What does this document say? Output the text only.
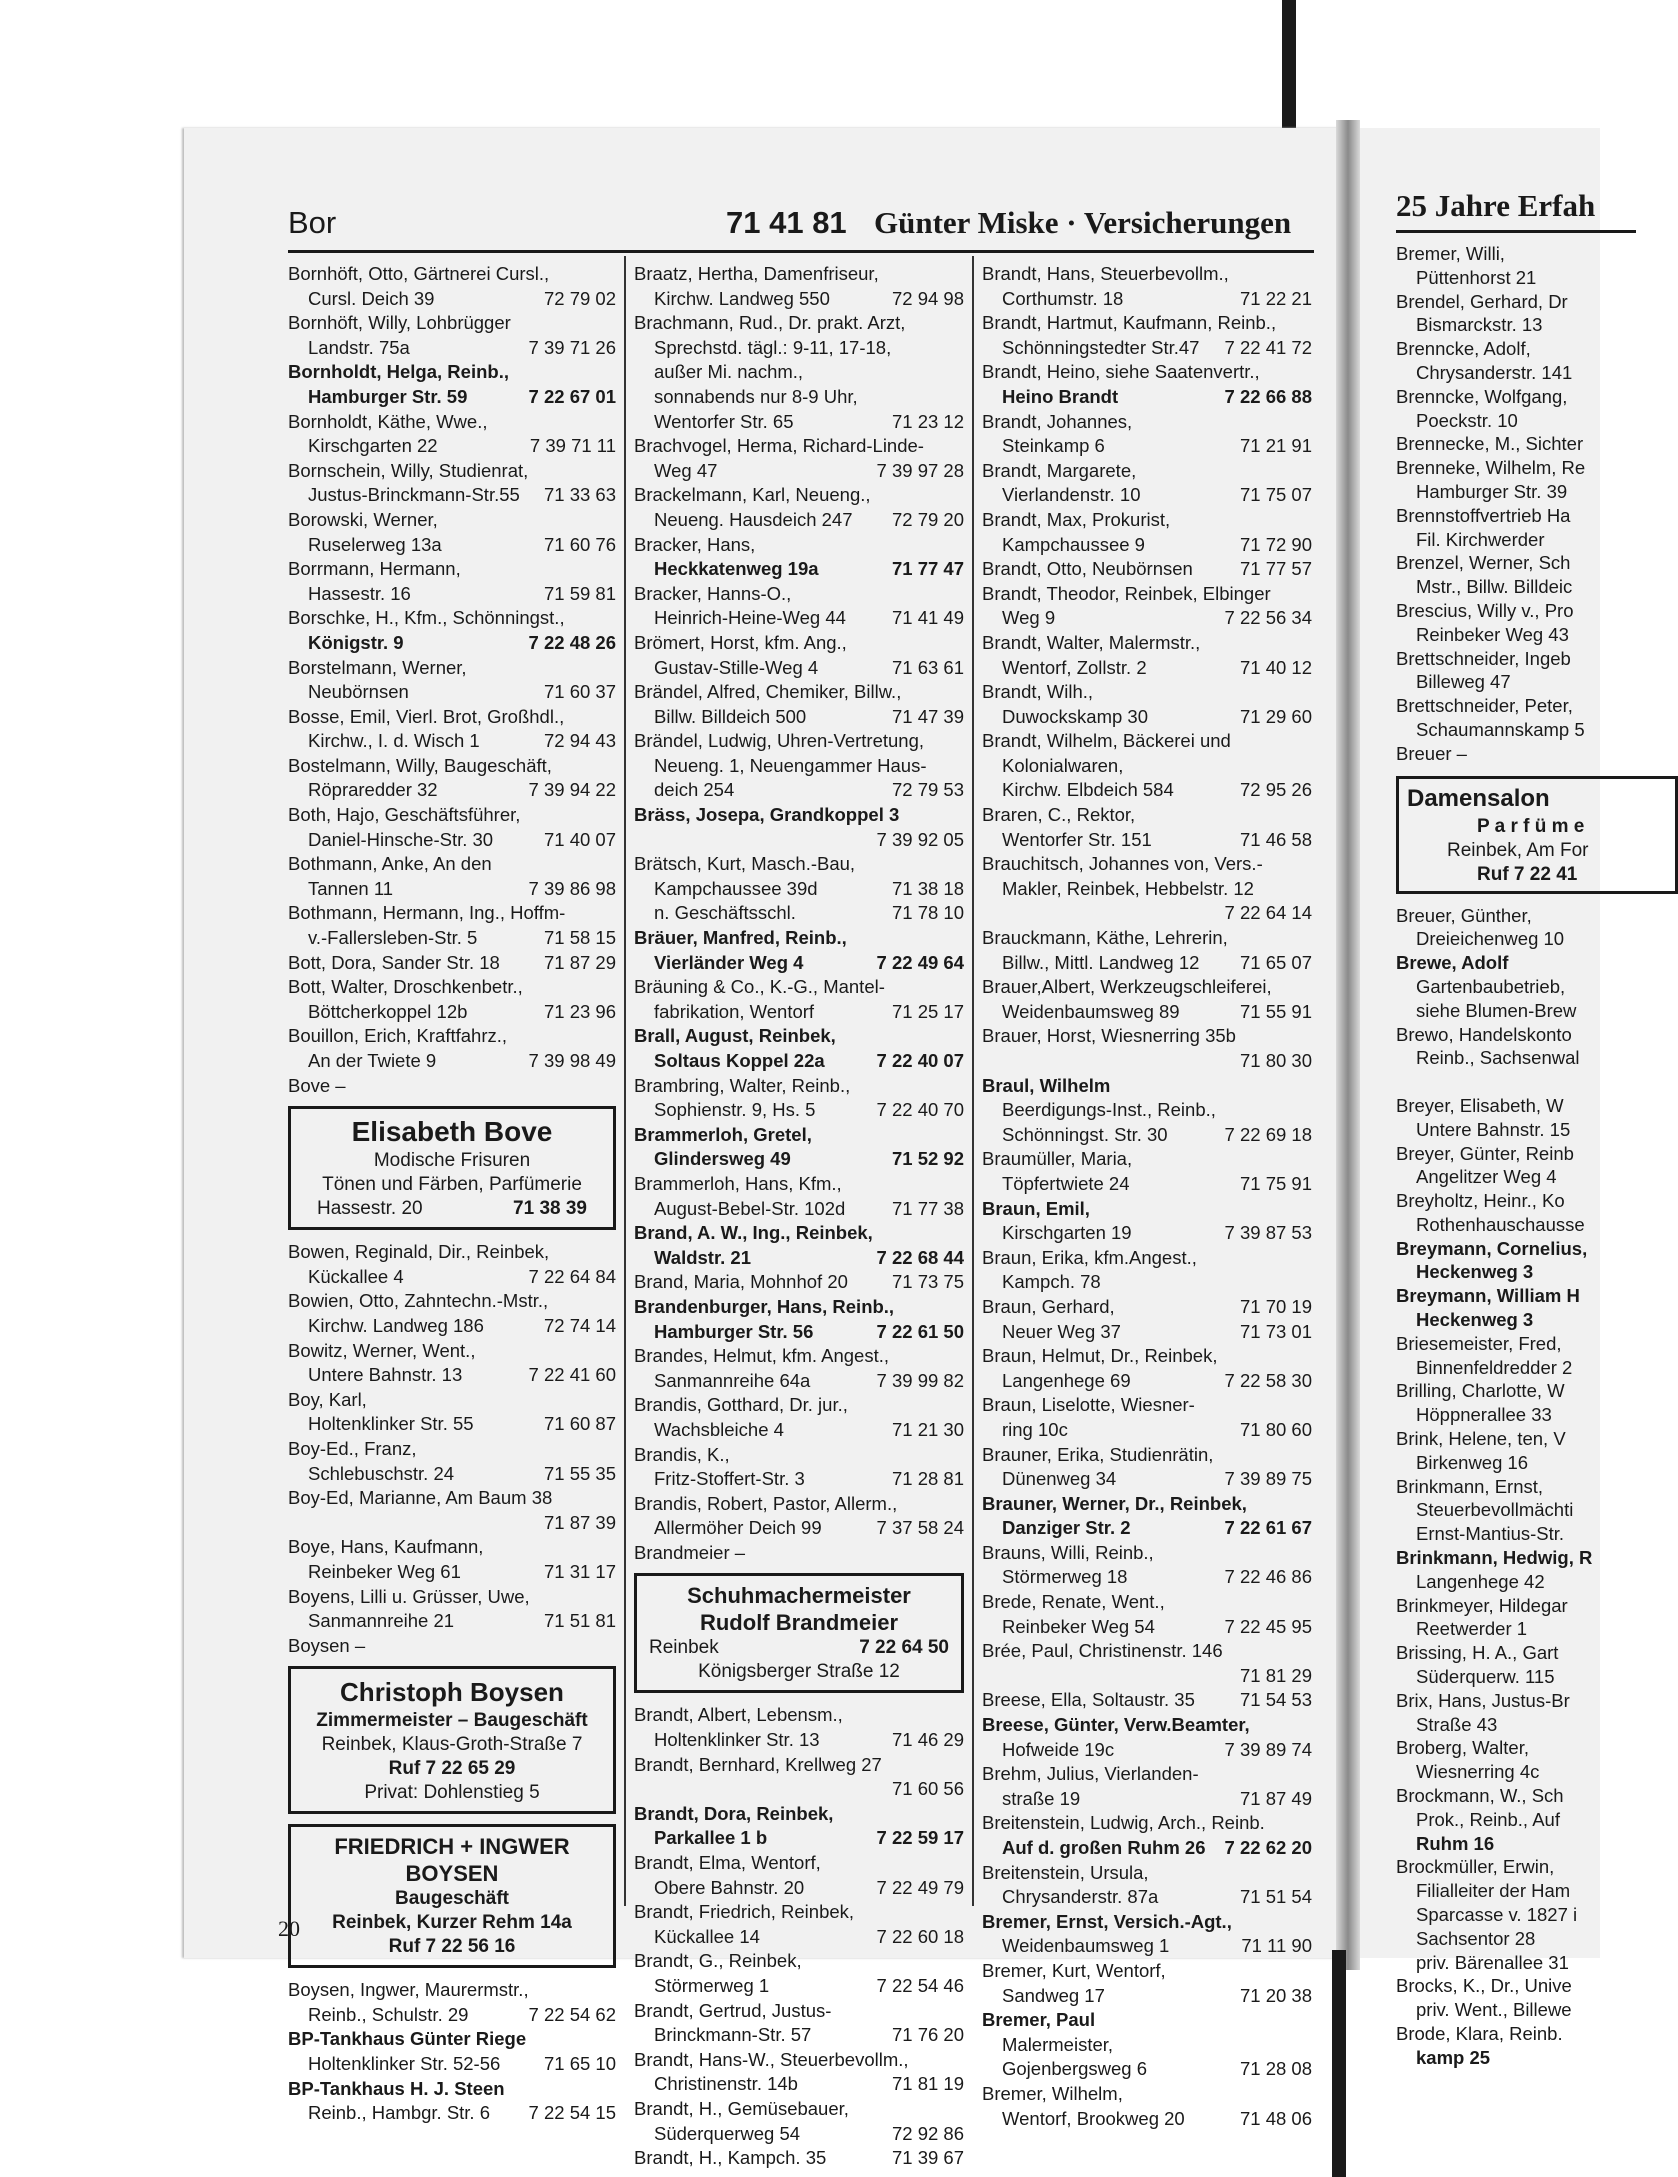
25 Jahre Erfah
Bremer, Willi,
Püttenhorst 21
Brendel, Gerhard, Dr
Bismarckstr. 13
Brenncke, Adolf,
Chrysanderstr. 141
Brenncke, Wolfgang,
Poeckstr. 10
Brennecke, M., Sichter
Brenneke, Wilhelm, Re
Hamburger Str. 39
Brennstoffvertrieb Ha
Fil. Kirchwerder
Brenzel, Werner, Sch
Mstr., Billw. Billdeic
Brescius, Willy v., Pro
Reinbeker Weg 43
Brettschneider, Ingeb
Billeweg 47
Brettschneider, Peter,
Schaumannskamp 5
Breuer –
Damensalon
P a r f ü m e
Reinbek, Am For
Ruf 7 22 41
Breuer, Günther,
Dreieichenweg 10
Brewe, Adolf
Gartenbaubetrieb,
siehe Blumen-Brew
Brewo, Handelskonto
Reinb., Sachsenwal
Breyer, Elisabeth, W
Untere Bahnstr. 15
Breyer, Günter, Reinb
Angelitzer Weg 4
Breyholtz, Heinr., Ko
Rothenhauschausse
Breymann, Cornelius,
Heckenweg 3
Breymann, William H
Heckenweg 3
Briesemeister, Fred,
Binnenfeldredder 2
Brilling, Charlotte, W
Höppnerallee 33
Brink, Helene, ten, V
Birkenweg 16
Brinkmann, Ernst,
Steuerbevollmächti
Ernst-Mantius-Str.
Brinkmann, Hedwig, R
Langenhege 42
Brinkmeyer, Hildegar
Reetwerder 1
Brissing, H. A., Gart
Süderquerw. 115
Brix, Hans, Justus-Br
Straße 43
Broberg, Walter,
Wiesnerring 4c
Brockmann, W., Sch
Prok., Reinb., Auf
Ruhm 16
Brockmüller, Erwin,
Filialleiter der Ham
Sparcasse v. 1827 i
Sachsentor 28
priv. Bärenallee 31
Brocks, K., Dr., Unive
priv. Went., Billewe
Brode, Klara, Reinb.
kamp 25
Bor	71 41 81 Günter Miske · Versicherungen
Bornhöft, Otto, Gärtnerei Cursl.,
Cursl. Deich 39	72 79 02
Bornhöft, Willy, Lohbrügger
Landstr. 75a	7 39 71 26
Bornholdt, Helga, Reinb.,
Hamburger Str. 59	7 22 67 01
Bornholdt, Käthe, Wwe.,
Kirschgarten 22	7 39 71 11
Bornschein, Willy, Studienrat,
Justus-Brinckmann-Str.55 71 33 63
Borowski, Werner,
Ruselerweg 13a	71 60 76
Borrmann, Hermann,
Hassestr. 16	71 59 81
Borschke, H., Kfm., Schönningst.,
Königstr. 9	7 22 48 26
Borstelmann, Werner,
Neubörnsen	71 60 37
Bosse, Emil, Vierl. Brot, Großhdl.,
Kirchw., I. d. Wisch 1	72 94 43
Bostelmann, Willy, Baugeschäft,
Röpraredder 32	7 39 94 22
Both, Hajo, Geschäftsführer,
Daniel-Hinsche-Str. 30	71 40 07
Bothmann, Anke, An den
Tannen 11	7 39 86 98
Bothmann, Hermann, Ing., Hoffm-
v.-Fallersleben-Str. 5	71 58 15
Bott, Dora, Sander Str. 18 71 87 29
Bott, Walter, Droschkenbetr.,
Böttcherkoppel 12b	71 23 96
Bouillon, Erich, Kraftfahrz.,
An der Twiete 9	7 39 98 49
Bove –
Elisabeth Bove
Modische Frisuren
Tönen und Färben, Parfümerie
Hassestr. 20	71 38 39
Bowen, Reginald, Dir., Reinbek,
Kückallee 4	7 22 64 84
Bowien, Otto, Zahntechn.-Mstr.,
Kirchw. Landweg 186	72 74 14
Bowitz, Werner, Went.,
Untere Bahnstr. 13	7 22 41 60
Boy, Karl,
Holtenklinker Str. 55	71 60 87
Boy-Ed., Franz,
Schlebuschstr. 24	71 55 35
Boy-Ed, Marianne, Am Baum 38
71 87 39
Boye, Hans, Kaufmann,
Reinbeker Weg 61	71 31 17
Boyens, Lilli u. Grüsser, Uwe,
Sanmannreihe 21	71 51 81
Boysen –
Christoph Boysen
Zimmermeister – Baugeschäft
Reinbek, Klaus-Groth-Straße 7
Ruf 7 22 65 29
Privat: Dohlenstieg 5
FRIEDRICH + INGWER BOYSEN
Baugeschäft
Reinbek, Kurzer Rehm 14a
Ruf 7 22 56 16
Boysen, Ingwer, Maurermstr.,
Reinb., Schulstr. 29	7 22 54 62
BP-Tankhaus Günter Riege
Holtenklinker Str. 52-56 71 65 10
BP-Tankhaus H. J. Steen
Reinb., Hambgr. Str. 6 7 22 54 15
Braatz, Hertha, Damenfriseur,
Kirchw. Landweg 550	72 94 98
Brachmann, Rud., Dr. prakt. Arzt,
Sprechstd. tägl.: 9-11, 17-18,
außer Mi. nachm.,
sonnabends nur 8-9 Uhr,
Wentorfer Str. 65	71 23 12
Brachvogel, Herma, Richard-Linde-
Weg 47	7 39 97 28
Brackelmann, Karl, Neueng.,
Neueng. Hausdeich 247 72 79 20
Bracker, Hans,
Heckkatenweg 19a	71 77 47
Bracker, Hanns-O.,
Heinrich-Heine-Weg 44 71 41 49
Brömert, Horst, kfm. Ang.,
Gustav-Stille-Weg 4	71 63 61
Brändel, Alfred, Chemiker, Billw.,
Billw. Billdeich 500	71 47 39
Brändel, Ludwig, Uhren-Vertretung,
Neueng. 1, Neuengammer Haus-
deich 254	72 79 53
Bräss, Josepa, Grandkoppel 3
7 39 92 05
Brätsch, Kurt, Masch.-Bau,
Kampchaussee 39d	71 38 18
n. Geschäftsschl.	71 78 10
Bräuer, Manfred, Reinb.,
Vierländer Weg 4	7 22 49 64
Bräuning & Co., K.-G., Mantel-
fabrikation, Wentorf	71 25 17
Brall, August, Reinbek,
Soltaus Koppel 22a	7 22 40 07
Brambring, Walter, Reinb.,
Sophienstr. 9, Hs. 5	7 22 40 70
Brammerloh, Gretel,
Glindersweg 49	71 52 92
Brammerloh, Hans, Kfm.,
August-Bebel-Str. 102d	71 77 38
Brand, A. W., Ing., Reinbek,
Waldstr. 21	7 22 68 44
Brand, Maria, Mohnhof 20 71 73 75
Brandenburger, Hans, Reinb.,
Hamburger Str. 56	7 22 61 50
Brandes, Helmut, kfm. Angest.,
Sanmannreihe 64a	7 39 99 82
Brandis, Gotthard, Dr. jur.,
Wachsbleiche 4	71 21 30
Brandis, K.,
Fritz-Stoffert-Str. 3	71 28 81
Brandis, Robert, Pastor, Allerm.,
Allermöher Deich 99	7 37 58 24
Brandmeier –
Schuhmachermeister
Rudolf Brandmeier
Reinbek	7 22 64 50
Königsberger Straße 12
Brandt, Albert, Lebensm.,
Holtenklinker Str. 13	71 46 29
Brandt, Bernhard, Krellweg 27
71 60 56
Brandt, Dora, Reinbek,
Parkallee 1 b	7 22 59 17
Brandt, Elma, Wentorf,
Obere Bahnstr. 20	7 22 49 79
Brandt, Friedrich, Reinbek,
Kückallee 14	7 22 60 18
Brandt, G., Reinbek,
Störmerweg 1	7 22 54 46
Brandt, Gertrud, Justus-
Brinckmann-Str. 57	71 76 20
Brandt, Hans-W., Steuerbevollm.,
Christinenstr. 14b	71 81 19
Brandt, H., Gemüsebauer,
Süderquerweg 54	72 92 86
Brandt, H., Kampch. 35	71 39 67
Brandt, Hans, Steuerbevollm.,
Corthumstr. 18	71 22 21
Brandt, Hartmut, Kaufmann, Reinb.,
Schönningstedter Str.47 7 22 41 72
Brandt, Heino, siehe Saatenvertr.,
Heino Brandt	7 22 66 88
Brandt, Johannes,
Steinkamp 6	71 21 91
Brandt, Margarete,
Vierlandenstr. 10	71 75 07
Brandt, Max, Prokurist,
Kampchaussee 9	71 72 90
Brandt, Otto, Neubörnsen	71 77 57
Brandt, Theodor, Reinbek, Elbinger
Weg 9	7 22 56 34
Brandt, Walter, Malermstr.,
Wentorf, Zollstr. 2	71 40 12
Brandt, Wilh.,
Duwockskamp 30	71 29 60
Brandt, Wilhelm, Bäckerei und
Kolonialwaren,
Kirchw. Elbdeich 584	72 95 26
Braren, C., Rektor,
Wentorfer Str. 151	71 46 58
Brauchitsch, Johannes von, Vers.-
Makler, Reinbek, Hebbelstr. 12
7 22 64 14
Brauckmann, Käthe, Lehrerin,
Billw., Mittl. Landweg 12 71 65 07
Brauer,Albert, Werkzeugschleiferei,
Weidenbaumsweg 89	71 55 91
Brauer, Horst, Wiesnerring 35b
71 80 30
Braul, Wilhelm
Beerdigungs-Inst., Reinb.,
Schönningst. Str. 30	7 22 69 18
Braumüller, Maria,
Töpfertwiete 24	71 75 91
Braun, Emil,
Kirschgarten 19	7 39 87 53
Braun, Erika, kfm.Angest.,
Kampch. 78
Braun, Gerhard,	71 70 19
Neuer Weg 37	71 73 01
Braun, Helmut, Dr., Reinbek,
Langenhege 69	7 22 58 30
Braun, Liselotte, Wiesner-
ring 10c	71 80 60
Brauner, Erika, Studienrätin,
Dünenweg 34	7 39 89 75
Brauner, Werner, Dr., Reinbek,
Danziger Str. 2	7 22 61 67
Brauns, Willi, Reinb.,
Störmerweg 18	7 22 46 86
Brede, Renate, Went.,
Reinbeker Weg 54	7 22 45 95
Brée, Paul, Christinenstr. 146
71 81 29
Breese, Ella, Soltaustr. 35 71 54 53
Breese, Günter, Verw.Beamter,
Hofweide 19c	7 39 89 74
Brehm, Julius, Vierlanden-
straße 19	71 87 49
Breitenstein, Ludwig, Arch., Reinb.
Auf d. großen Ruhm 26 7 22 62 20
Breitenstein, Ursula,
Chrysanderstr. 87a	71 51 54
Bremer, Ernst, Versich.-Agt.,
Weidenbaumsweg 1	71 11 90
Bremer, Kurt, Wentorf,
Sandweg 17	71 20 38
Bremer, Paul
Malermeister,
Gojenbergsweg 6	71 28 08
Bremer, Wilhelm,
Wentorf, Brookweg 20	71 48 06
20
